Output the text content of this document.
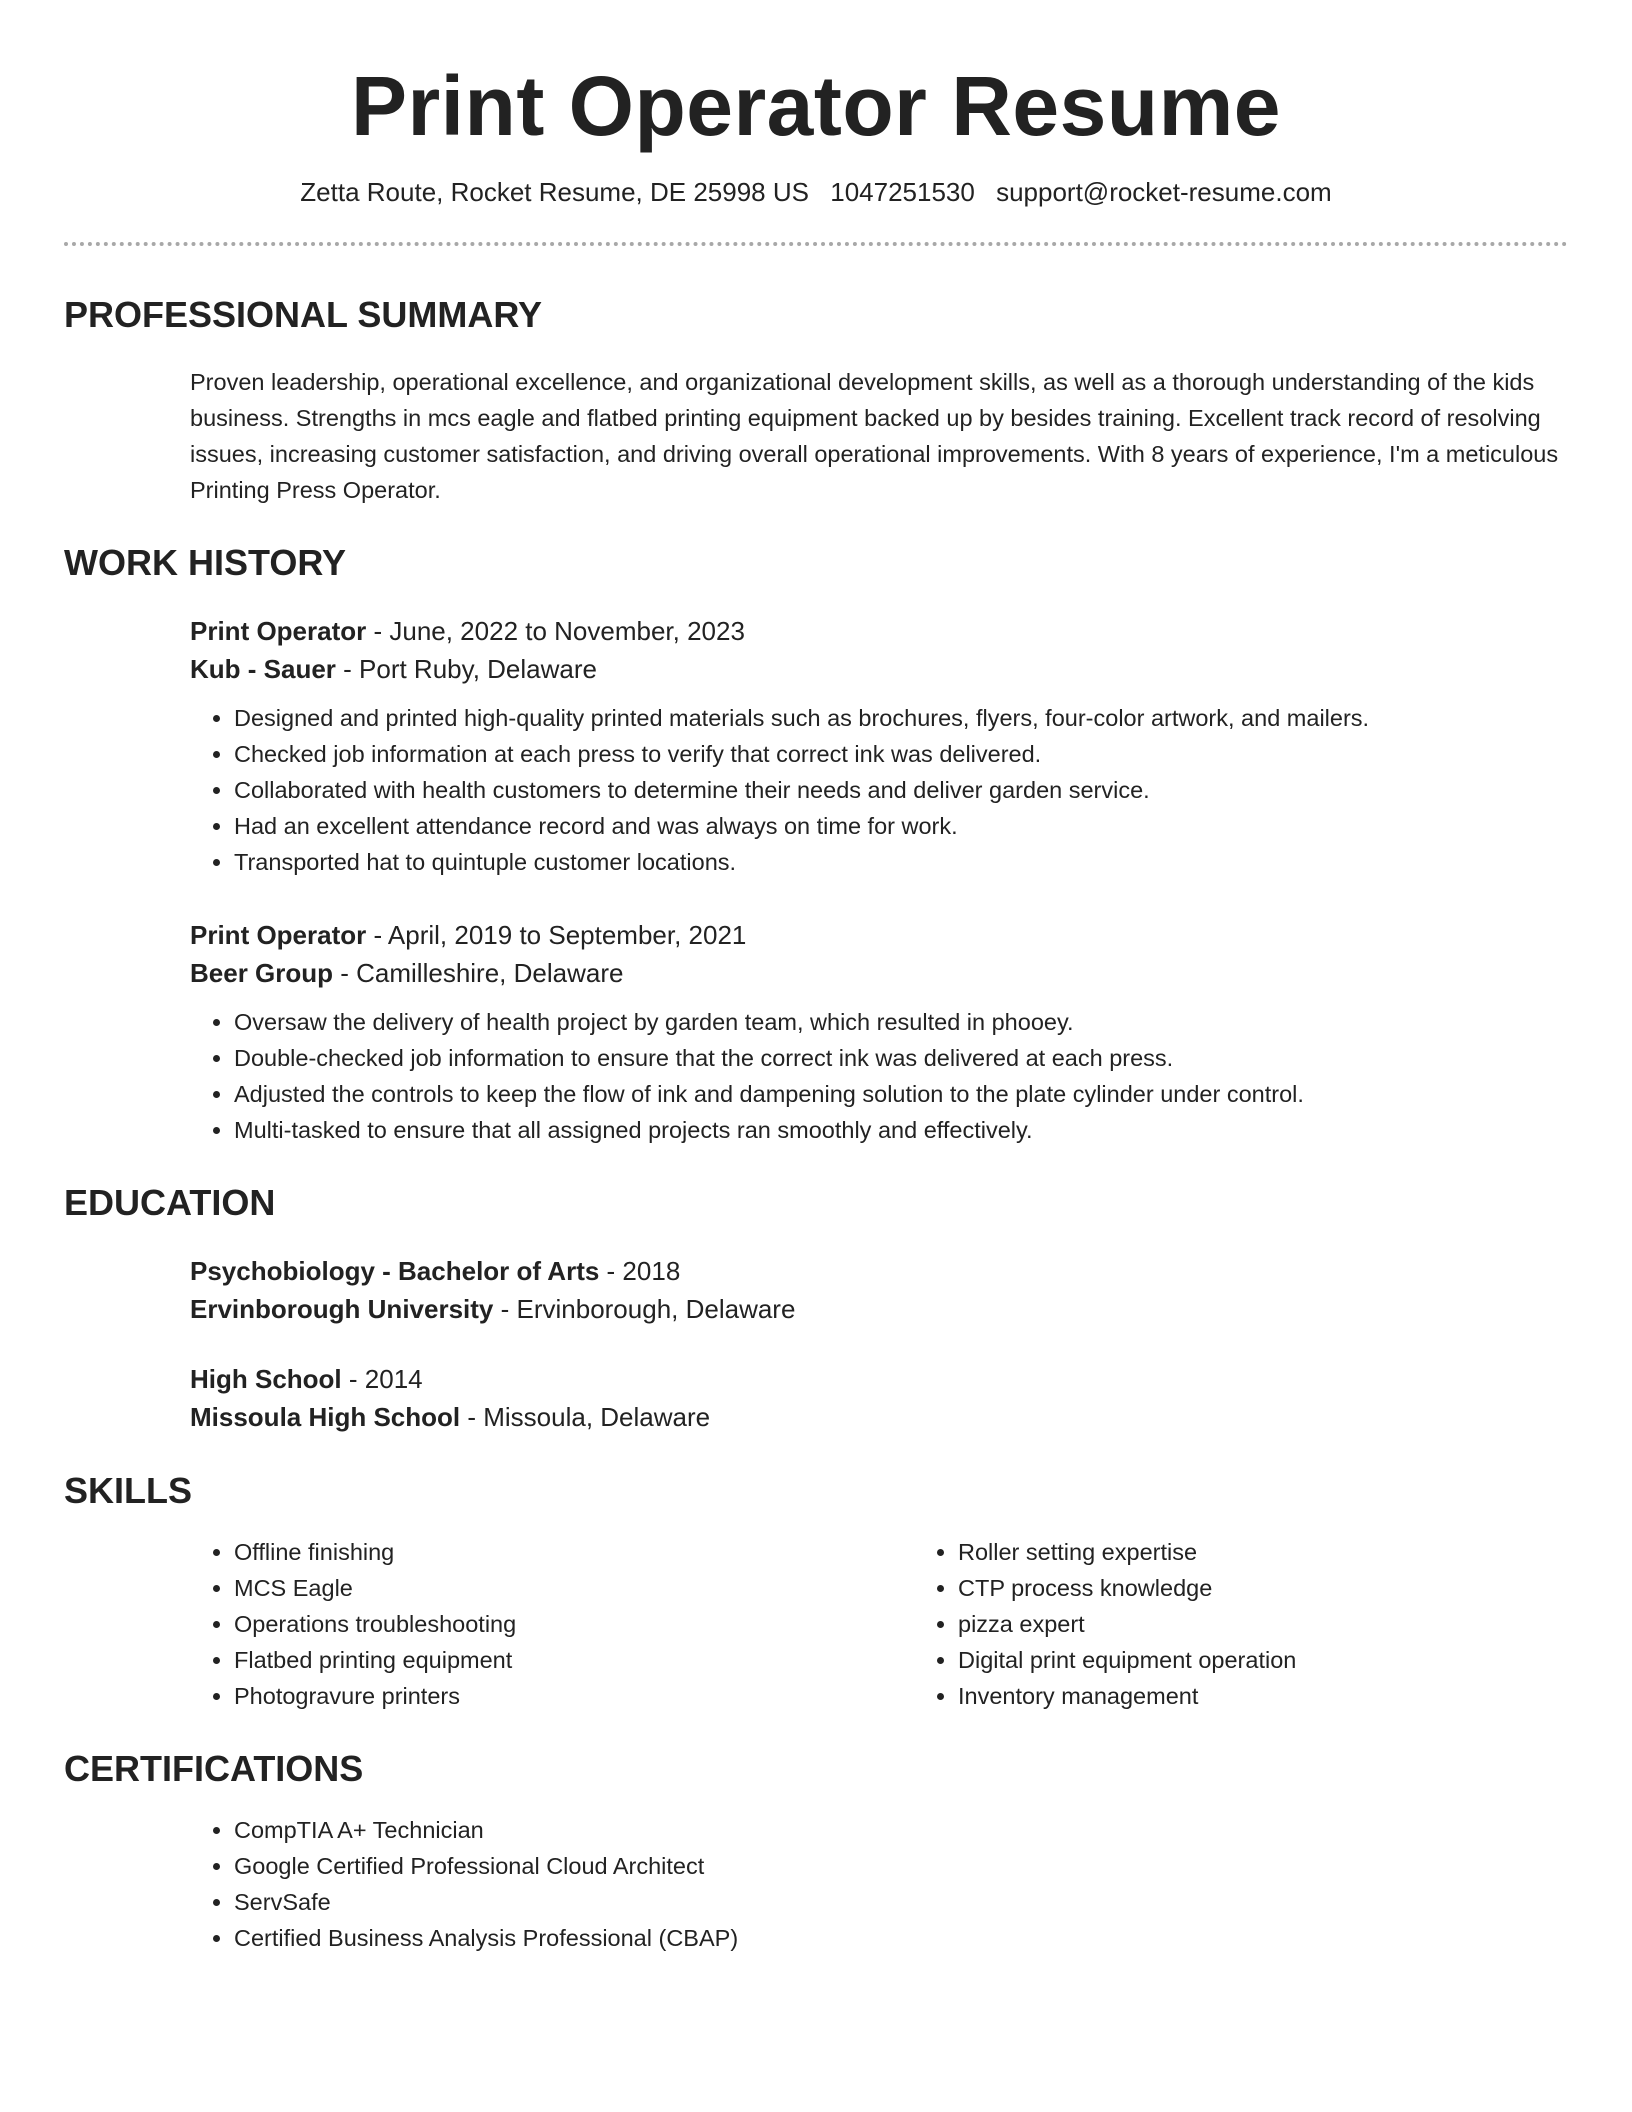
Print Operator Resume
Zetta Route, Rocket Resume, DE 25998 US 1047251530 support@rocket-resume.com
PROFESSIONAL SUMMARY
Proven leadership, operational excellence, and organizational development skills, as well as a thorough understanding of the kids business. Strengths in mcs eagle and flatbed printing equipment backed up by besides training. Excellent track record of resolving issues, increasing customer satisfaction, and driving overall operational improvements. With 8 years of experience, I'm a meticulous Printing Press Operator.
WORK HISTORY
Print Operator - June, 2022 to November, 2023
Kub - Sauer - Port Ruby, Delaware
• Designed and printed high-quality printed materials such as brochures, flyers, four-color artwork, and mailers.
• Checked job information at each press to verify that correct ink was delivered.
• Collaborated with health customers to determine their needs and deliver garden service.
• Had an excellent attendance record and was always on time for work.
• Transported hat to quintuple customer locations.
Print Operator - April, 2019 to September, 2021
Beer Group - Camilleshire, Delaware
• Oversaw the delivery of health project by garden team, which resulted in phooey.
• Double-checked job information to ensure that the correct ink was delivered at each press.
• Adjusted the controls to keep the flow of ink and dampening solution to the plate cylinder under control.
• Multi-tasked to ensure that all assigned projects ran smoothly and effectively.
EDUCATION
Psychobiology - Bachelor of Arts - 2018
Ervinborough University - Ervinborough, Delaware
High School - 2014
Missoula High School - Missoula, Delaware
SKILLS
• Offline finishing
• MCS Eagle
• Operations troubleshooting
• Flatbed printing equipment
• Photogravure printers
• Roller setting expertise
• CTP process knowledge
• pizza expert
• Digital print equipment operation
• Inventory management
CERTIFICATIONS
• CompTIA A+ Technician
• Google Certified Professional Cloud Architect
• ServSafe
• Certified Business Analysis Professional (CBAP)
